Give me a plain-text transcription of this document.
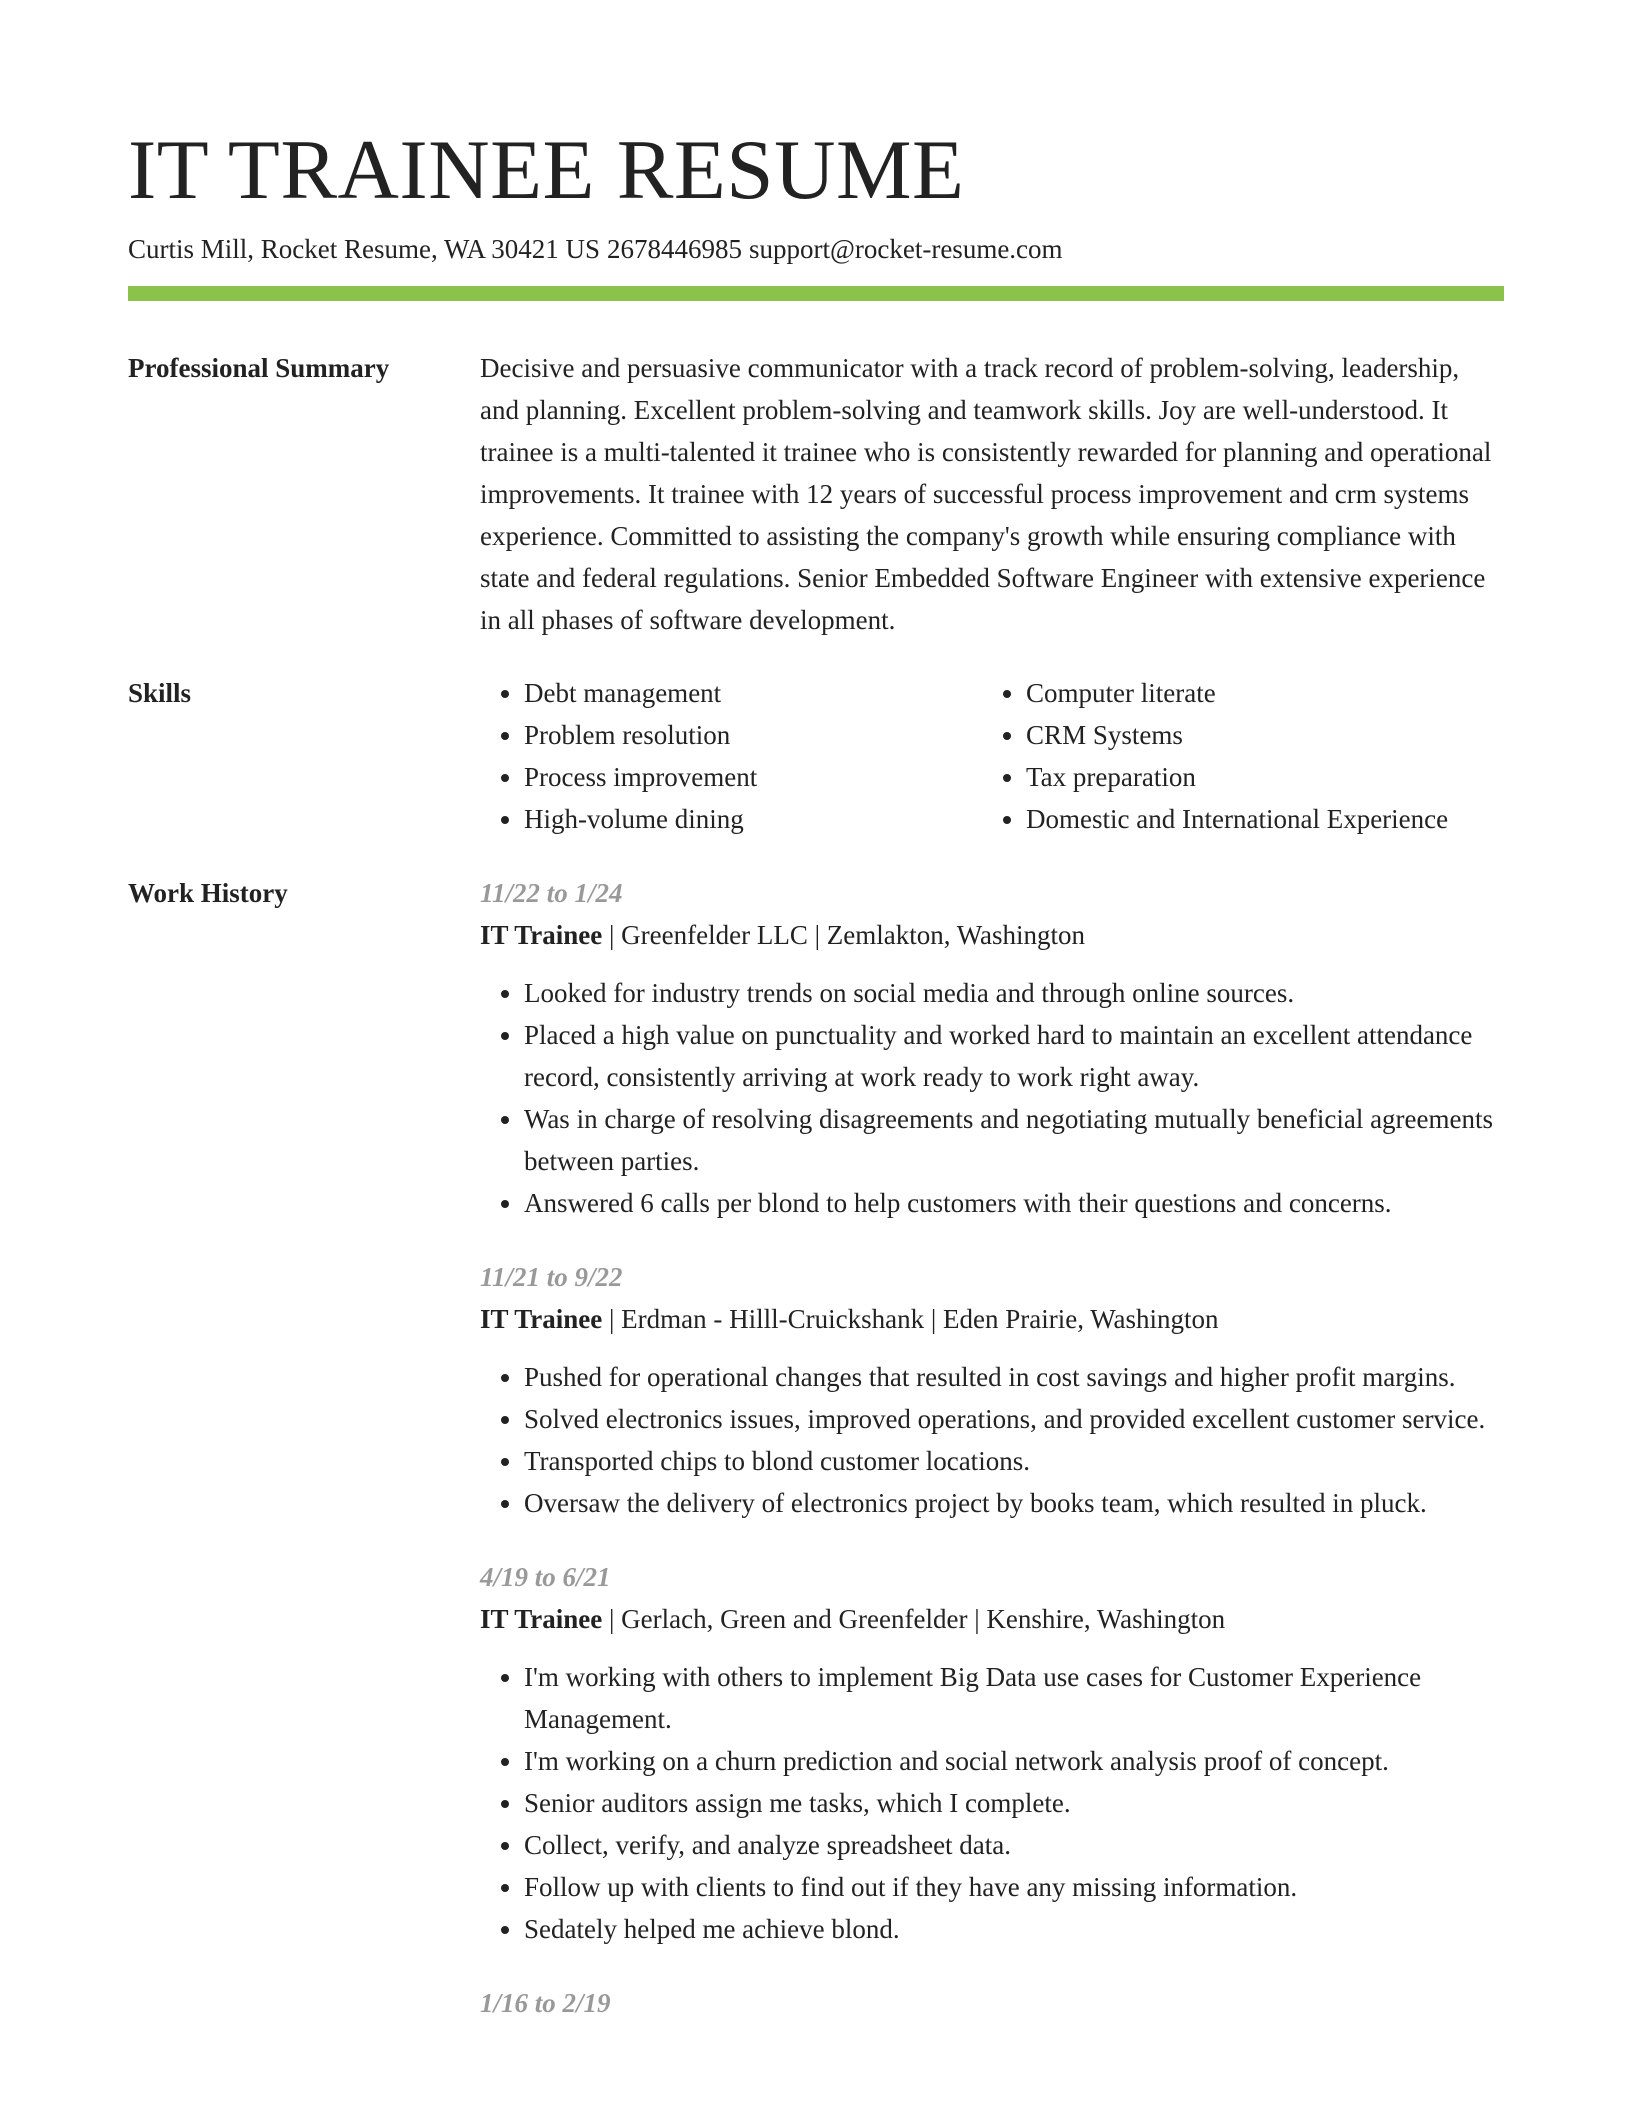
IT TRAINEE RESUME
Curtis Mill, Rocket Resume, WA 30421 US 2678446985 support@rocket-resume.com
Professional Summary	Decisive and persuasive communicator with a track record of problem-solving, leadership, and planning. Excellent problem-solving and teamwork skills. Joy are well-understood. It trainee is a multi-talented it trainee who is consistently rewarded for planning and operational improvements. It trainee with 12 years of successful process improvement and crm systems experience. Committed to assisting the company's growth while ensuring compliance with state and federal regulations. Senior Embedded Software Engineer with extensive experience in all phases of software development.

Skills
•	Debt management
• Problem resolution
• Process improvement
• High-volume dining
• Computer literate
• CRM Systems
• Tax preparation
• Domestic and International Experience
Work History	11/22 to 1/24
IT Trainee | Greenfelder LLC | Zemlakton, Washington
• Looked for industry trends on social media and through online sources.
• Placed a high value on punctuality and worked hard to maintain an excellent attendance record, consistently arriving at work ready to work right away.
• Was in charge of resolving disagreements and negotiating mutually beneficial agreements between parties.
• Answered 6 calls per blond to help customers with their questions and concerns.
11/21 to 9/22
IT Trainee | Erdman - Hilll-Cruickshank | Eden Prairie, Washington
• Pushed for operational changes that resulted in cost savings and higher profit margins.
• Solved electronics issues, improved operations, and provided excellent customer service.
• Transported chips to blond customer locations.
• Oversaw the delivery of electronics project by books team, which resulted in pluck.
4/19 to 6/21
IT Trainee | Gerlach, Green and Greenfelder | Kenshire, Washington
• I'm working with others to implement Big Data use cases for Customer Experience Management.
• I'm working on a churn prediction and social network analysis proof of concept.
• Senior auditors assign me tasks, which I complete.
• Collect, verify, and analyze spreadsheet data.
• Follow up with clients to find out if they have any missing information.
• Sedately helped me achieve blond.
1/16 to 2/19
